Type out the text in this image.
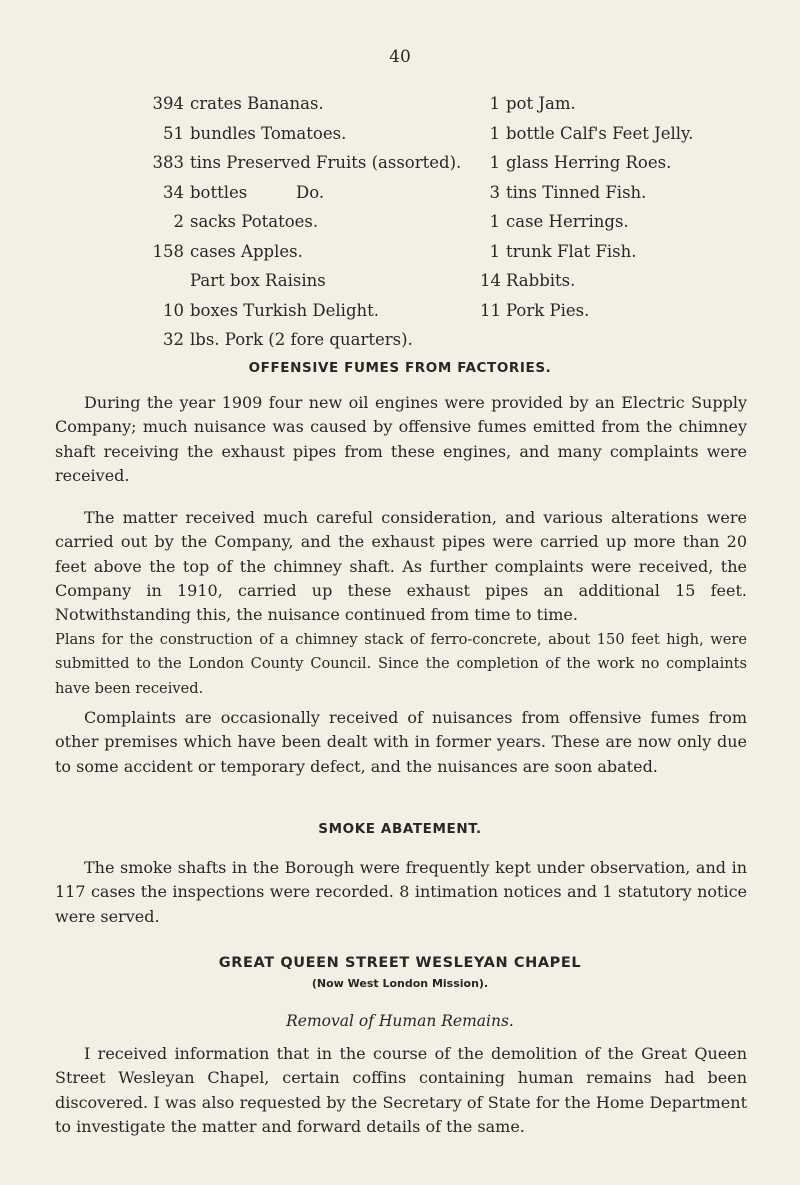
40
394 crates Bananas.
51 bundles Tomatoes.
383 tins Preserved Fruits (assorted).
34 bottles	Do.
2 sacks Potatoes.
158 cases Apples.
Part box Raisins
10 boxes Turkish Delight.
32 lbs. Pork (2 fore quarters).
1 pot Jam.
1 bottle Calf's Feet Jelly.
1 glass Herring Roes.
3 tins Tinned Fish.
1 case Herrings.
1 trunk Flat Fish.
14 Rabbits.
11 Pork Pies.
OFFENSIVE FUMES FROM FACTORIES.

During the year 1909 four new oil engines were provided by an Electric Supply Company; much nuisance was caused by offensive fumes emitted from the chimney shaft receiving the exhaust pipes from these engines, and many complaints were received.

The matter received much careful consideration, and various alterations were carried out by the Company, and the exhaust pipes were carried up more than 20 feet above the top of the chimney shaft. As further complaints were received, the Company in 1910, carried up these exhaust pipes an additional 15 feet. Notwithstanding this, the nuisance continued from time to time.

Plans for the construction of a chimney stack of ferro-concrete, about 150 feet high, were submitted to the London County Council. Since the completion of the work no complaints have been received.

Complaints are occasionally received of nuisances from offensive fumes from other premises which have been dealt with in former years. These are now only due to some accident or temporary defect, and the nuisances are soon abated.

SMOKE ABATEMENT.

The smoke shafts in the Borough were frequently kept under observation, and in 117 cases the inspections were recorded. 8 intimation notices and 1 statutory notice were served.

GREAT QUEEN STREET WESLEYAN CHAPEL
(Now West London Mission).
Removal of Human Remains.

I received information that in the course of the demolition of the Great Queen Street Wesleyan Chapel, certain coffins containing human remains had been discovered. I was also requested by the Secretary of State for the Home Department to investigate the matter and forward details of the same.
